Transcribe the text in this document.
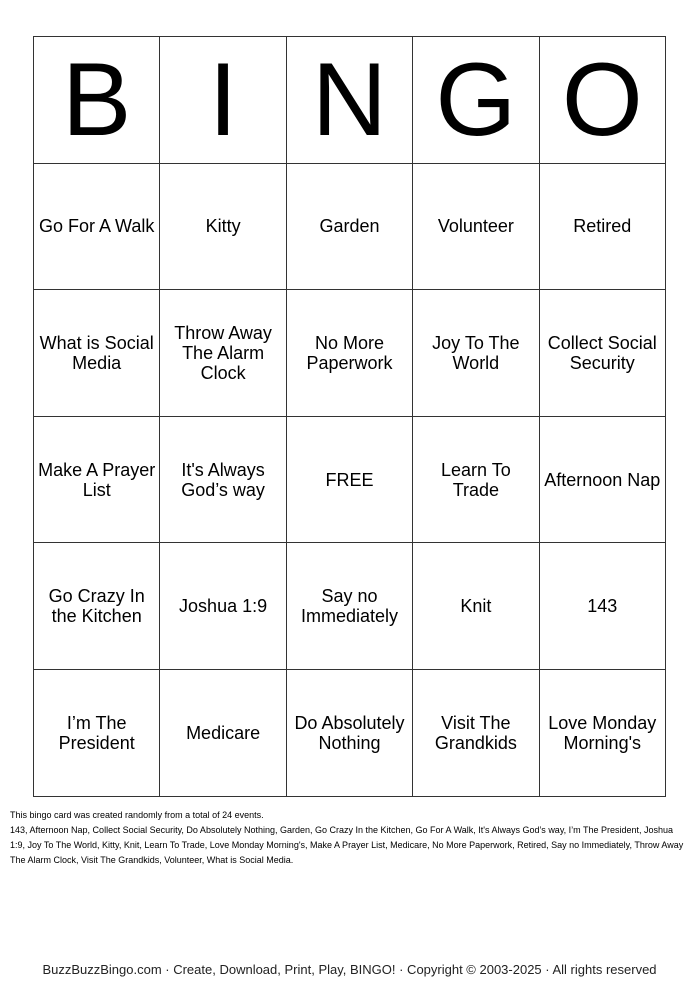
B	I	N	G	O
Go For A Walk	Kitty	Garden	Volunteer	Retired
What is Social Media	Throw Away The Alarm Clock	No More Paperwork	Joy To The World	Collect Social Security
Make A Prayer List	It's Always God’s way	FREE	Learn To Trade	Afternoon Nap
Go Crazy In the Kitchen	Joshua 1:9	Say no Immediately	Knit	143
I’m The President	Medicare	Do Absolutely Nothing	Visit The Grandkids	Love Monday Morning's
This bingo card was created randomly from a total of 24 events.
143, Afternoon Nap, Collect Social Security, Do Absolutely Nothing, Garden, Go Crazy In the Kitchen, Go For A Walk, It's Always God’s way, I’m The President, Joshua 1:9, Joy To The World, Kitty, Knit, Learn To Trade, Love Monday Morning's, Make A Prayer List, Medicare, No More Paperwork, Retired, Say no Immediately, Throw Away The Alarm Clock, Visit The Grandkids, Volunteer, What is Social Media.
BuzzBuzzBingo.com · Create, Download, Print, Play, BINGO! · Copyright © 2003-2025 · All rights reserved
